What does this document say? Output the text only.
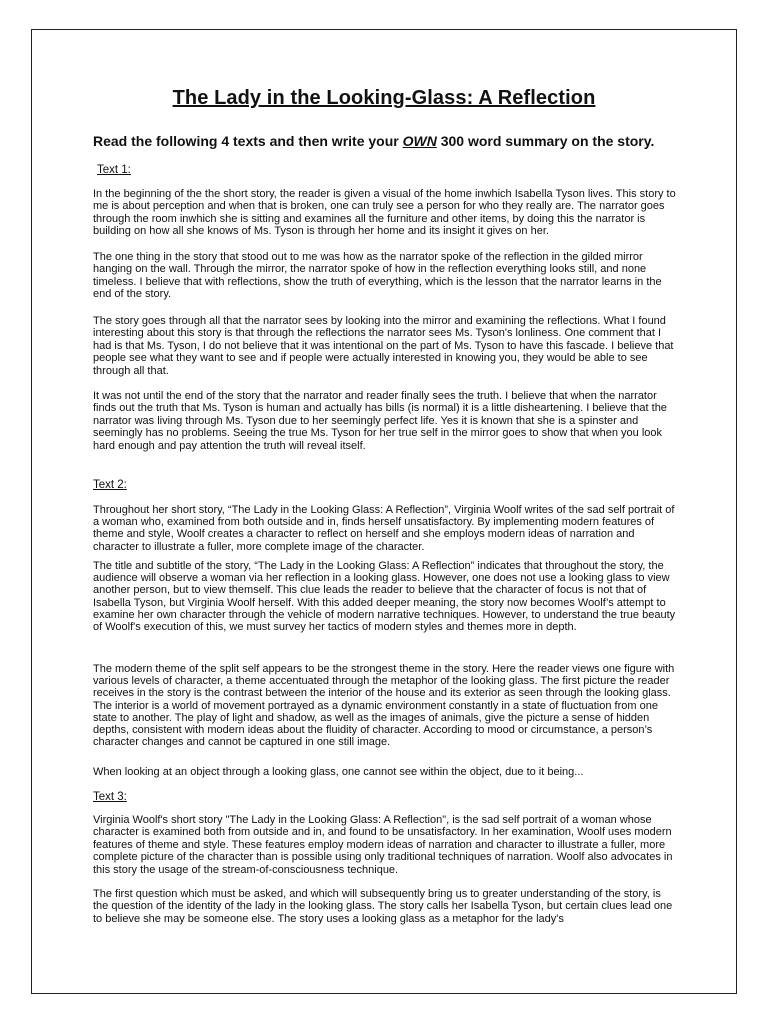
The Lady in the Looking-Glass: A Reflection
Read the following 4 texts and then write your OWN 300 word summary on the story.
Text 1:

In the beginning of the the short story, the reader is given a visual of the home inwhich Isabella Tyson lives. This story to me is about perception and when that is broken, one can truly see a person for who they really are. The narrator goes through the room inwhich she is sitting and examines all the furniture and other items, by doing this the narrator is building on how all she knows of Ms. Tyson is through her home and its insight it gives on her.

The one thing in the story that stood out to me was how as the narrator spoke of the reflection in the gilded mirror hanging on the wall. Through the mirror, the narrator spoke of how in the reflection everything looks still, and none timeless. I believe that with reflections, show the truth of everything, which is the lesson that the narrator learns in the end of the story.

The story goes through all that the narrator sees by looking into the mirror and examining the reflections. What I found interesting about this story is that through the reflections the narrator sees Ms. Tyson's lonliness. One comment that I had is that Ms. Tyson, I do not believe that it was intentional on the part of Ms. Tyson to have this fascade. I believe that people see what they want to see and if people were actually interested in knowing you, they would be able to see through all that.

It was not until the end of the story that the narrator and reader finally sees the truth. I believe that when the narrator finds out the truth that Ms. Tyson is human and actually has bills (is normal) it is a little disheartening. I believe that the narrator was living through Ms. Tyson due to her seemingly perfect life. Yes it is known that she is a spinster and seemingly has no problems. Seeing the true Ms. Tyson for her true self in the mirror goes to show that when you look hard enough and pay attention the truth will reveal itself.

Text 2:

Throughout her short story, “The Lady in the Looking Glass: A Reflection”, Virginia Woolf writes of the sad self portrait of a woman who, examined from both outside and in, finds herself unsatisfactory. By implementing modern features of theme and style, Woolf creates a character to reflect on herself and she employs modern ideas of narration and character to illustrate a fuller, more complete image of the character.

The title and subtitle of the story, “The Lady in the Looking Glass: A Reflection” indicates that throughout the story, the audience will observe a woman via her reflection in a looking glass. However, one does not use a looking glass to view another person, but to view themself. This clue leads the reader to believe that the character of focus is not that of Isabella Tyson, but Virginia Woolf herself. With this added deeper meaning, the story now becomes Woolf’s attempt to examine her own character through the vehicle of modern narrative techniques. However, to understand the true beauty of Woolf's execution of this, we must survey her tactics of modern styles and themes more in depth.

The modern theme of the split self appears to be the strongest theme in the story. Here the reader views one figure with various levels of character, a theme accentuated through the metaphor of the looking glass. The first picture the reader receives in the story is the contrast between the interior of the house and its exterior as seen through the looking glass. The interior is a world of movement portrayed as a dynamic environment constantly in a state of fluctuation from one state to another. The play of light and shadow, as well as the images of animals, give the picture a sense of hidden depths, consistent with modern ideas about the fluidity of character. According to mood or circumstance, a person’s character changes and cannot be captured in one still image.

When looking at an object through a looking glass, one cannot see within the object, due to it being...

Text 3:

Virginia Woolf's short story "The Lady in the Looking Glass: A Reflection", is the sad self portrait of a woman whose character is examined both from outside and in, and found to be unsatisfactory. In her examination, Woolf uses modern features of theme and style. These features employ modern ideas of narration and character to illustrate a fuller, more complete picture of the character than is possible using only traditional techniques of narration. Woolf also advocates in this story the usage of the stream-of-consciousness technique.

The first question which must be asked, and which will subsequently bring us to greater understanding of the story, is the question of the identity of the lady in the looking glass. The story calls her Isabella Tyson, but certain clues lead one to believe she may be someone else. The story uses a looking glass as a metaphor for the lady's
